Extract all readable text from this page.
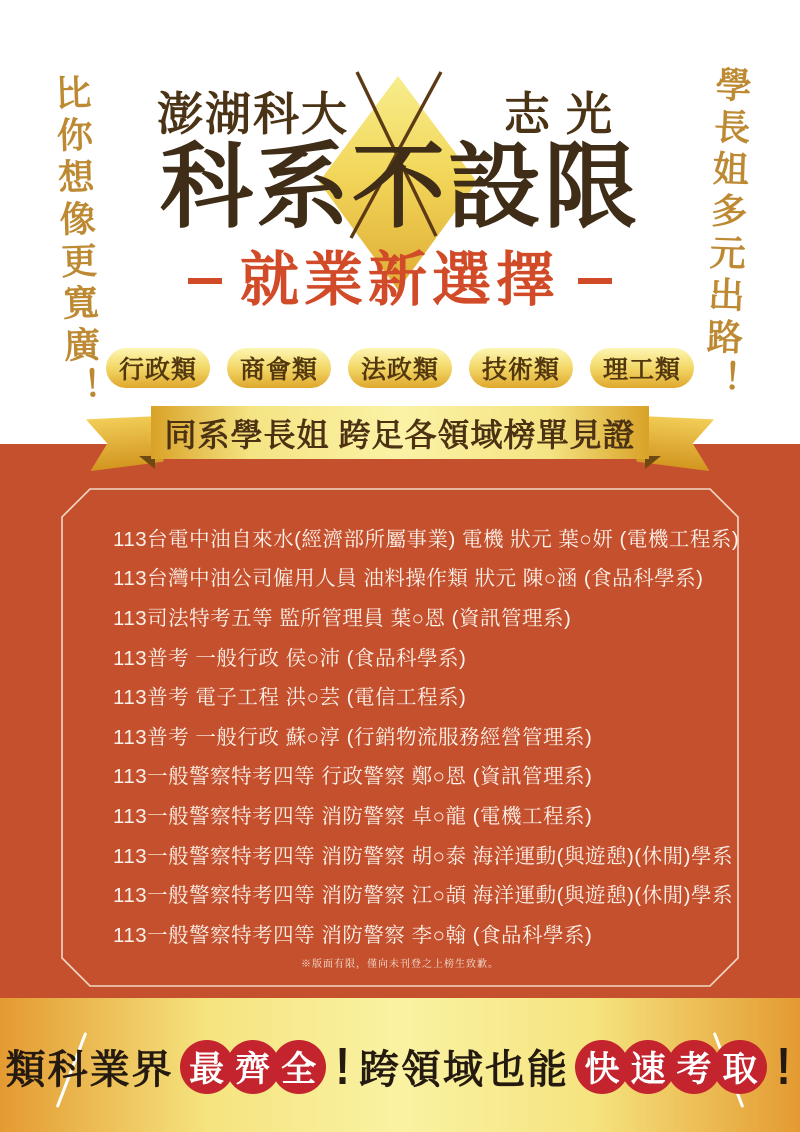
113台電中油自來水(經濟部所屬事業) 電機 狀元 葉○妍 (電機工程系)
113台灣中油公司僱用人員 油料操作類 狀元 陳○涵 (食品科學系)
113司法特考五等 監所管理員 葉○恩 (資訊管理系)
113普考 一般行政 侯○沛 (食品科學系)
113普考 電子工程 洪○芸 (電信工程系)
113普考 一般行政 蘇○淳 (行銷物流服務經營管理系)
113一般警察特考四等 行政警察 鄭○恩 (資訊管理系)
113一般警察特考四等 消防警察 卓○龍 (電機工程系)
113一般警察特考四等 消防警察 胡○泰 海洋運動(與遊憩)(休閒)學系
113一般警察特考四等 消防警察 江○頡 海洋運動(與遊憩)(休閒)學系
113一般警察特考四等 消防警察 李○翰 (食品科學系)
※版面有限，僅向未刊登之上榜生致歉。
類科業界 最 齊 全 ! 跨領域也能 快 速 考 取 !
比你想像更寬廣！	學長姐多元出路！
澎湖科大	志光
科系不設限
就業新選擇
行政類	商會類	法政類	技術類	理工類
同系學長姐 跨足各領域榜單見證
